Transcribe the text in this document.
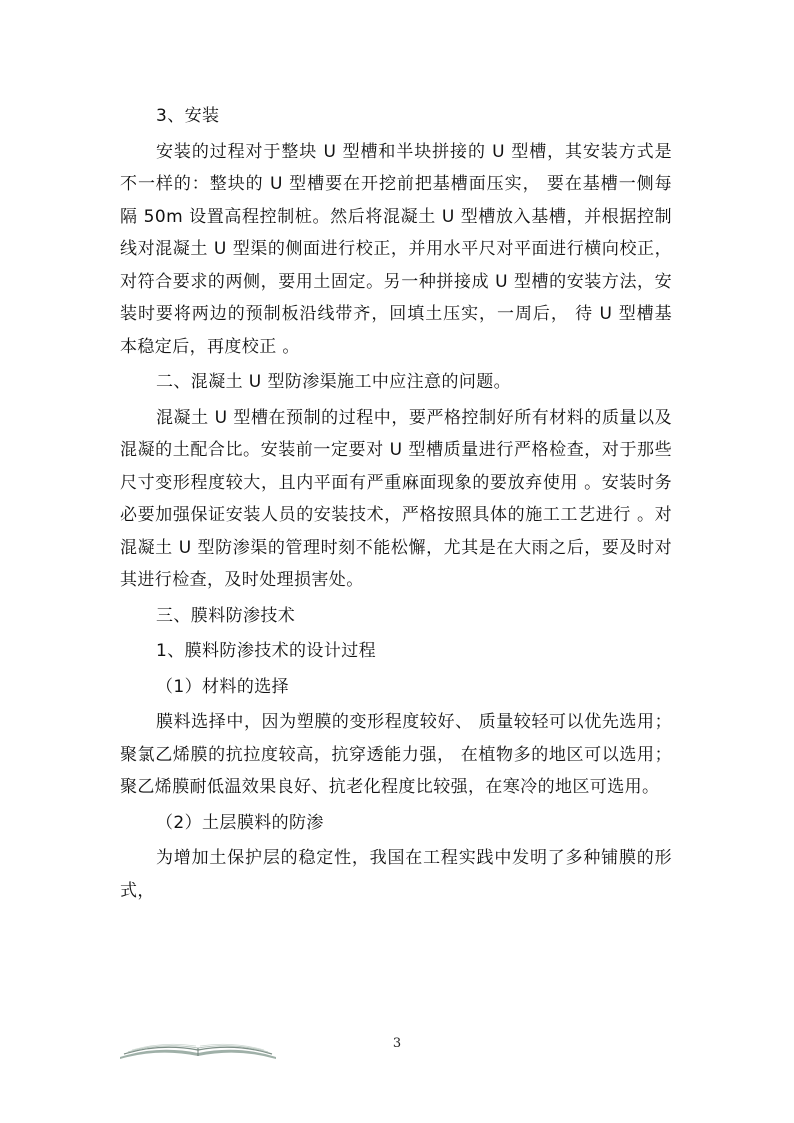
3、安装

安装的过程对于整块 U 型槽和半块拼接的 U 型槽，其安装方式是不一样的：整块的 U 型槽要在开挖前把基槽面压实， 要在基槽一侧每隔 50m 设置高程控制桩。然后将混凝土 U 型槽放入基槽，并根据控制线对混凝土 U 型渠的侧面进行校正，并用水平尺对平面进行横向校正，对符合要求的两侧，要用土固定。另一种拼接成 U 型槽的安装方法，安装时要将两边的预制板沿线带齐，回填土压实，一周后， 待 U 型槽基本稳定后，再度校正 。

二、混凝土 U 型防渗渠施工中应注意的问题。

混凝土 U 型槽在预制的过程中，要严格控制好所有材料的质量以及混凝的土配合比。安装前一定要对 U 型槽质量进行严格检查，对于那些尺寸变形程度较大，且内平面有严重麻面现象的要放弃使用 。安装时务必要加强保证安装人员的安装技术，严格按照具体的施工工艺进行 。对混凝土 U 型防渗渠的管理时刻不能松懈，尤其是在大雨之后，要及时对其进行检查，及时处理损害处。

三、膜料防渗技术

1、膜料防渗技术的设计过程

（1）材料的选择

膜料选择中，因为塑膜的变形程度较好、 质量较轻可以优先选用；聚氯乙烯膜的抗拉度较高，抗穿透能力强， 在植物多的地区可以选用；聚乙烯膜耐低温效果良好、抗老化程度比较强，在寒冷的地区可选用。

（2）土层膜料的防渗

为增加土保护层的稳定性，我国在工程实践中发明了多种铺膜的形式，

3
